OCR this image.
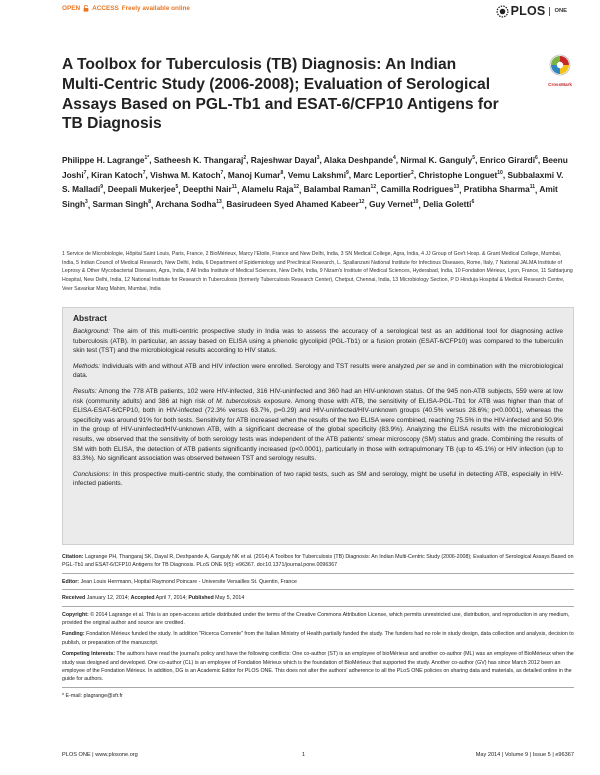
OPEN ACCESS Freely available online	PLOS ONE
A Toolbox for Tuberculosis (TB) Diagnosis: An Indian Multi-Centric Study (2006-2008); Evaluation of Serological Assays Based on PGL-Tb1 and ESAT-6/CFP10 Antigens for TB Diagnosis
CrossMark
Philippe H. Lagrange$^{1*}$, Satheesh K. Thangaraj$^2$, Rajeshwar Dayal$^3$, Alaka Deshpande$^4$, Nirmal K. Ganguly$^5$, Enrico Girardi$^6$, Beenu Joshi$^7$, Kiran Katoch$^7$, Vishwa M. Katoch$^7$, Manoj Kumar$^8$, Vemu Lakshmi$^9$, Marc Leportier$^2$, Christophe Longuet$^{10}$, Subbalaxmi V. S. Malladi$^9$, Deepali Mukerjee$^5$, Deepthi Nair$^{11}$, Alamelu Raja$^{12}$, Balambal Raman$^{12}$, Camilla Rodrigues$^{13}$, Pratibha Sharma$^{11}$, Amit Singh$^3$, Sarman Singh$^8$, Archana Sodha$^{13}$, Basirudeen Syed Ahamed Kabeer$^{12}$, Guy Vernet$^{10}$, Delia Goletti$^6$
1 Service de Microbiologie, Hôpital Saint Louis, Paris, France, 2 BioMérieux, Marcy l'Etoile, France and New Delhi, India, 3 SN Medical College, Agra, India, 4 JJ Group of Gov't Hosp. & Grant Medical College, Mumbai, India, 5 Indian Council of Medical Research, New Delhi, India, 6 Department of Epidemiology and Preclinical Research, L. Spallanzani National Institute for Infectious Diseases, Rome, Italy, 7 National JALMA Institute of Leprosy & Other Mycobacterial Diseases, Agra, India, 8 All India Institute of Medical Sciences, New Delhi, India, 9 Nizam's Institute of Medical Sciences, Hyderabad, India, 10 Fondation Mérieux, Lyon, France, 11 Safdarjung Hospital, New Delhi, India, 12 National Institute for Research in Tuberculosis (formerly Tuberculosis Research Center), Chetput, Chennai, India, 13 Microbiology Section, P D Hinduja Hospital & Medical Research Centre, Veer Savarkar Marg Mahim, Mumbai, India
Abstract

Background: The aim of this multi-centric prospective study in India was to assess the accuracy of a serological test as an additional tool for diagnosing active tuberculosis (ATB). In particular, an assay based on ELISA using a phenolic glycolipid (PGL-Tb1) or a fusion protein (ESAT-6/CFP10) was compared to the tuberculin skin test (TST) and the microbiological results according to HIV status.

Methods: Individuals with and without ATB and HIV infection were enrolled. Serology and TST results were analyzed per se and in combination with the microbiological data.

Results: Among the 778 ATB patients, 102 were HIV-infected, 316 HIV-uninfected and 360 had an HIV-unknown status. Of the 945 non-ATB subjects, 559 were at low risk (community adults) and 386 at high risk of M. tuberculosis exposure. Among those with ATB, the sensitivity of ELISA-PGL-Tb1 for ATB was higher than that of ELISA-ESAT-6/CFP10, both in HIV-infected (72.3% versus 63.7%, p=0.29) and HIV-uninfected/HIV-unknown groups (40.5% versus 28.6%; p<0.0001), whereas the specificity was around 91% for both tests. Sensitivity for ATB increased when the results of the two ELISA were combined, reaching 75.5% in the HIV-infected and 50.9% in the group of HIV-uninfected/HIV-unknown ATB, with a significant decrease of the global specificity (83.9%). Analyzing the ELISA results with the microbiological results, we observed that the sensitivity of both serology tests was independent of the ATB patients' smear microscopy (SM) status and grade. Combining the results of SM with both ELISA, the detection of ATB patients significantly increased (p<0.0001), particularly in those with extrapulmonary TB (up to 45.1%) or HIV infection (up to 83.3%). No significant association was observed between TST and serology results.

Conclusions: In this prospective multi-centric study, the combination of two rapid tests, such as SM and serology, might be useful in detecting ATB, especially in HIV-infected patients.

Citation: Lagrange PH, Thangaraj SK, Dayal R, Deshpande A, Ganguly NK et al. (2014) A Toolbox for Tuberculosis (TB) Diagnosis: An Indian Multi-Centric Study (2006-2008); Evaluation of Serological Assays Based on PGL-Tb1 and ESAT-6/CFP10 Antigens for TB Diagnosis. PLoS ONE 9(5): e96367. doi:10.1371/journal.pone.0096367
Editor: Jean Louis Herrmann, Hopital Raymond Poincare - Universite Versailles St. Quentin, France
Received January 12, 2014; Accepted April 7, 2014; Published May 5, 2014
Copyright: © 2014 Lagrange et al. This is an open-access article distributed under the terms of the Creative Commons Attribution License, which permits unrestricted use, distribution, and reproduction in any medium, provided the original author and source are credited.
Funding: Fondation Mérieux funded the study. In addition "Ricerca Corrente" from the Italian Ministry of Health partially funded the study. The funders had no role in study design, data collection and analysis, decision to publish, or preparation of the manuscript.
Competing Interests: The authors have read the journal's policy and have the following conflicts: One co-author (ST) is an employee of bioMérieux and another co-author (ML) was an employee of BioMérieux when the study was designed and developed. One co-author (CL) is an employee of Fondation Mérieux which is the foundation of BioMérieux that supported the study. Another co-author (GV) has since March 2012 been an employee of the Fondation Mérieux. In addition, DG is an Academic Editor for PLOS ONE. This does not alter the authors' adherence to all the PLoS ONE policies on sharing data and materials, as detailed online in the guide for authors.
* E-mail: plagrange@sfr.fr
PLOS ONE | www.plosone.org	1	May 2014 | Volume 9 | Issue 5 | e96367
